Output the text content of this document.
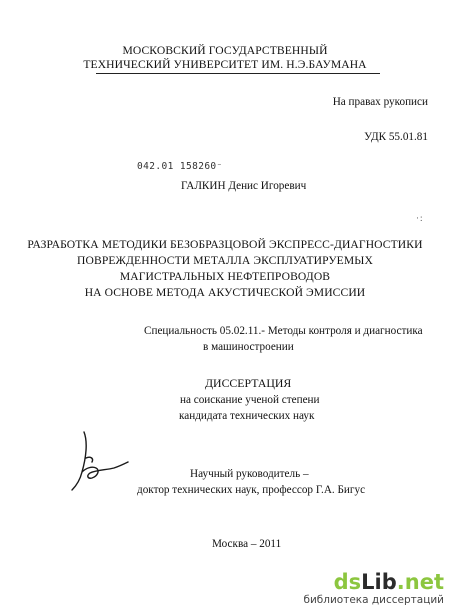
МОСКОВСКИЙ ГОСУДАРСТВЕННЫЙ
ТЕХНИЧЕСКИЙ УНИВЕРСИТЕТ ИМ. Н.Э.БАУМАНА
На правах рукописи
УДК 55.01.81
042.01 158260⁻
ГАЛКИН Денис Игоревич
·:
РАЗРАБОТКА МЕТОДИКИ БЕЗОБРАЗЦОВОЙ ЭКСПРЕСС-ДИАГНОСТИКИ
ПОВРЕЖДЕННОСТИ МЕТАЛЛА ЭКСПЛУАТИРУЕМЫХ
МАГИСТРАЛЬНЫХ НЕФТЕПРОВОДОВ
НА ОСНОВЕ МЕТОДА АКУСТИЧЕСКОЙ ЭМИССИИ
Специальность 05.02.11.- Методы контроля и диагностика
в машиностроении
ДИССЕРТАЦИЯ
на соискание ученой степени
кандидата технических наук
Научный руководитель –
доктор технических наук, профессор Г.А. Бигус
Москва – 2011
dsLib.net
библиотека диссертаций
